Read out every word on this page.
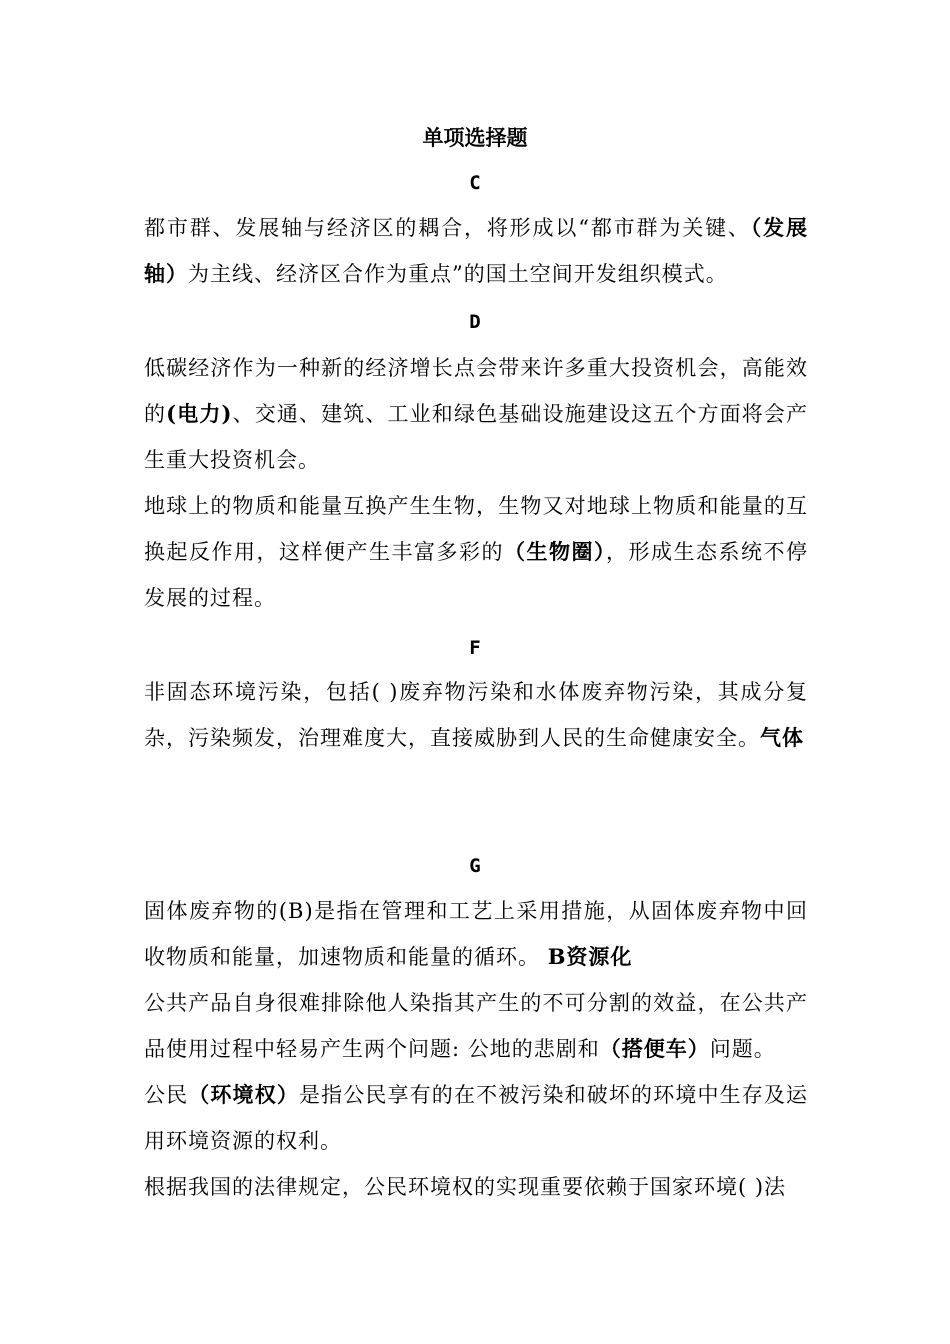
单项选择题
C
都市群、发展轴与经济区的耦合，将形成以“都市群为关键、（发展轴）为主线、经济区合作为重点”的国土空间开发组织模式。
D
低碳经济作为一种新的经济增长点会带来许多重大投资机会，高能效的(电力)、交通、建筑、工业和绿色基础设施建设这五个方面将会产生重大投资机会。
地球上的物质和能量互换产生生物，生物又对地球上物质和能量的互换起反作用，这样便产生丰富多彩的（生物圈），形成生态系统不停发展的过程。
F
非固态环境污染，包括( )废弃物污染和水体废弃物污染，其成分复杂，污染频发，治理难度大，直接威胁到人民的生命健康安全。气体
G
固体废弃物的(B)是指在管理和工艺上采用措施，从固体废弃物中回收物质和能量，加速物质和能量的循环。 B资源化
公共产品自身很难排除他人染指其产生的不可分割的效益，在公共产品使用过程中轻易产生两个问题: 公地的悲剧和（搭便车）问题。
公民（环境权）是指公民享有的在不被污染和破坏的环境中生存及运用环境资源的权利。
根据我国的法律规定，公民环境权的实现重要依赖于国家环境( )法
